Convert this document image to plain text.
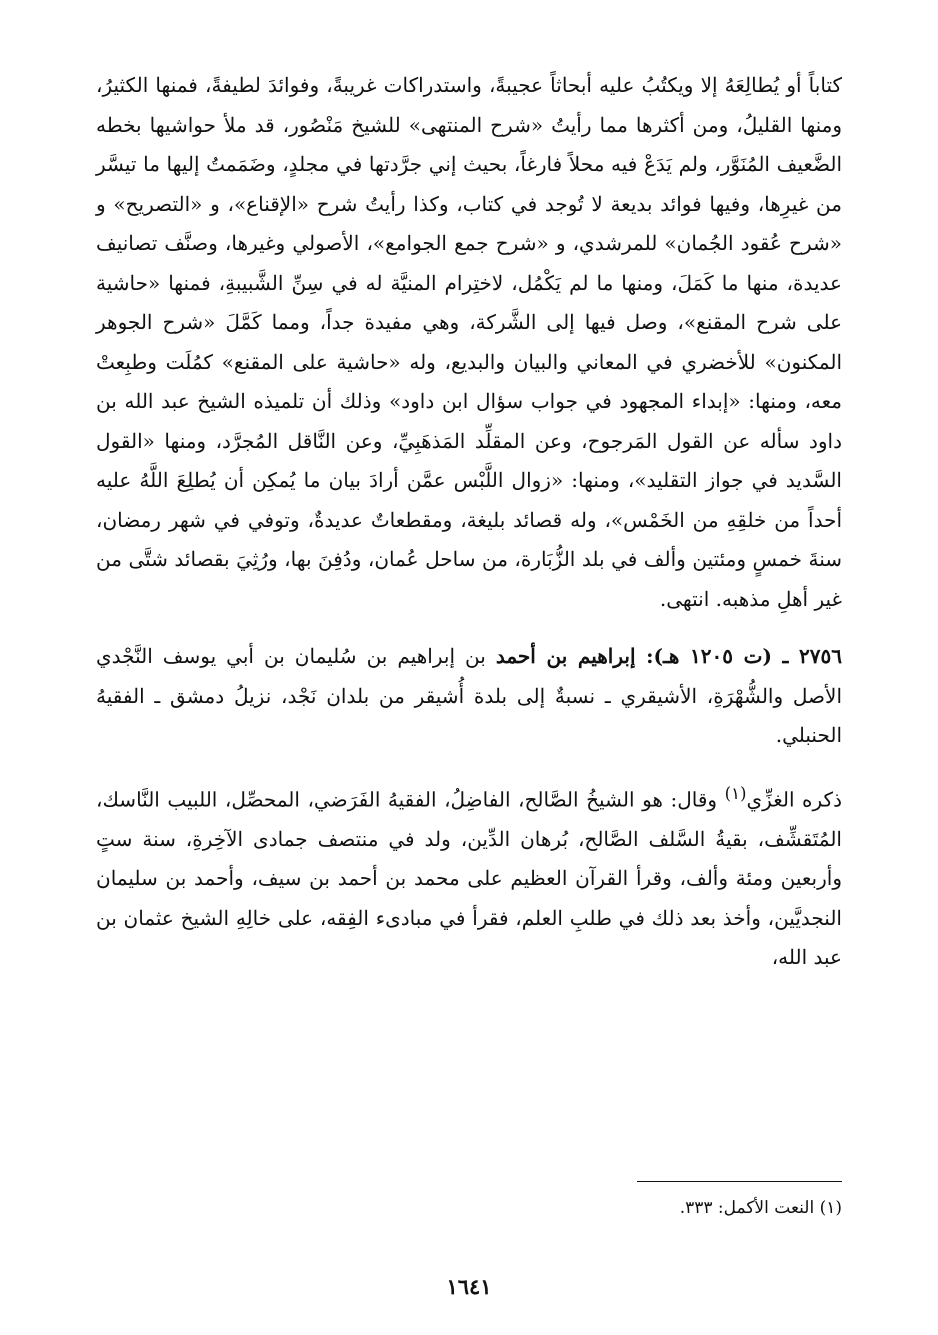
كتاباً أو يُطالِعَهُ إلا ويكتُبُ عليه أبحاثاً عجيبةً، واستدراكات غريبةً، وفوائدَ لطيفةً، فمنها الكثيرُ، ومنها القليلُ، ومن أكثرها مما رأيتُ «شرح المنتهى» للشيخ مَنْصُور، قد ملأ حواشيها بخطه الضَّعيف المُنَوَّر، ولم يَدَعْ فيه محلاً فارغاً، بحيث إني جرَّدتها في مجلدٍ، وضَمَمتُ إليها ما تيسَّر من غيرِها، وفيها فوائد بديعة لا تُوجد في كتاب، وكذا رأيتُ شرح «الإقناع»، و «التصريح» و «شرح عُقود الجُمان» للمرشدي، و «شرح جمع الجوامع»، الأصولي وغيرها، وصنَّف تصانيف عديدة، منها ما كَمَلَ، ومنها ما لم يَكْمُل، لاختِرام المنيَّة له في سِنِّ الشَّبيبةِ، فمنها «حاشية على شرح المقنع»، وصل فيها إلى الشَّركة، وهي مفيدة جداً، ومما كَمَّلَ «شرح الجوهر المكنون» للأخضري في المعاني والبيان والبديع، وله «حاشية على المقنع» كمُلَت وطبِعتْ معه، ومنها: «إبداء المجهود في جواب سؤال ابن داود» وذلك أن تلميذه الشيخ عبد الله بن داود سأله عن القول المَرجوح، وعن المقلِّد المَذهَبِيِّ، وعن النَّاقل المُجرَّد، ومنها «القول السَّديد في جواز التقليد»، ومنها: «زوال اللَّبْس عمَّن أرادَ بيان ما يُمكِن أن يُطلِعَ اللَّهُ عليه أحداً من خلقِهِ من الخَمْس»، وله قصائد بليغة، ومقطعاتٌ عديدةٌ، وتوفي في شهر رمضان، سنةَ خمسٍ ومئتين وألف في بلد الزُّبَارة، من ساحل عُمان، ودُفِنَ بها، ورُثِيَ بقصائد شتَّى من غير أهلِ مذهبه. انتهى.

٢٧٥٦ ـ (ت ١٢٠٥ هـ): إبراهيم بن أحمد بن إبراهيم بن سُليمان بن أبي يوسف النَّجْدي الأصل والشُّهْرَةِ، الأشيقري ـ نسبةٌ إلى بلدة أُشيقر من بلدان نَجْد، نزيلُ دمشق ـ الفقيهُ الحنبلي.

ذكره الغزِّي$^{(١)}$ وقال: هو الشيخُ الصَّالح، الفاضِلُ، الفقيهُ الفَرَضي، المحصِّل، اللبيب النَّاسك، المُتَقشِّف، بقيةُ السَّلف الصَّالح، بُرهان الدِّين، ولد في منتصف جمادى الآخِرةِ، سنة ستٍ وأربعين ومئة وألف، وقرأ القرآن العظيم على محمد بن أحمد بن سيف، وأحمد بن سليمان النجديَّين، وأخذ بعد ذلك في طلبِ العلم، فقرأ في مبادىء الفِقه، على خالِهِ الشيخ عثمان بن عبد الله،

(١) النعت الأكمل: ٣٣٣.

١٦٤١
